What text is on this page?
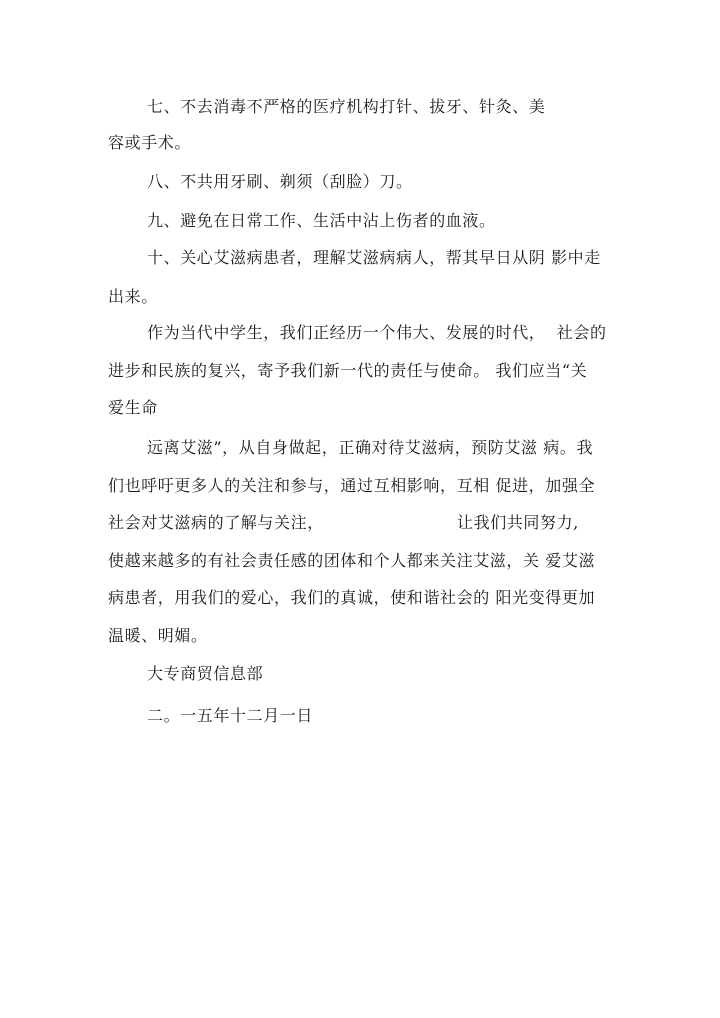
七、不去消毒不严格的医疗机构打针、拔牙、针灸、美
容或手术。
八、不共用牙刷、剃须（刮脸）刀。
九、避免在日常工作、生活中沾上伤者的血液。
十、关心艾滋病患者，理解艾滋病病人，帮其早日从阴 影中走
出来。
作为当代中学生，我们正经历一个伟大、发展的时代，  社会的
进步和民族的复兴，寄予我们新一代的责任与使命。 我们应当“关
爱生命
远离艾滋”，从自身做起，正确对待艾滋病，预防艾滋 病。我
们也呼吁更多人的关注和参与，通过互相影响，互相 促进，加强全
社会对艾滋病的了解与关注，	让我们共同努力,
使越来越多的有社会责任感的团体和个人都来关注艾滋，关 爱艾滋
病患者，用我们的爱心，我们的真诚，使和谐社会的 阳光变得更加
温暖、明媚。
大专商贸信息部
二。一五年十二月一日
